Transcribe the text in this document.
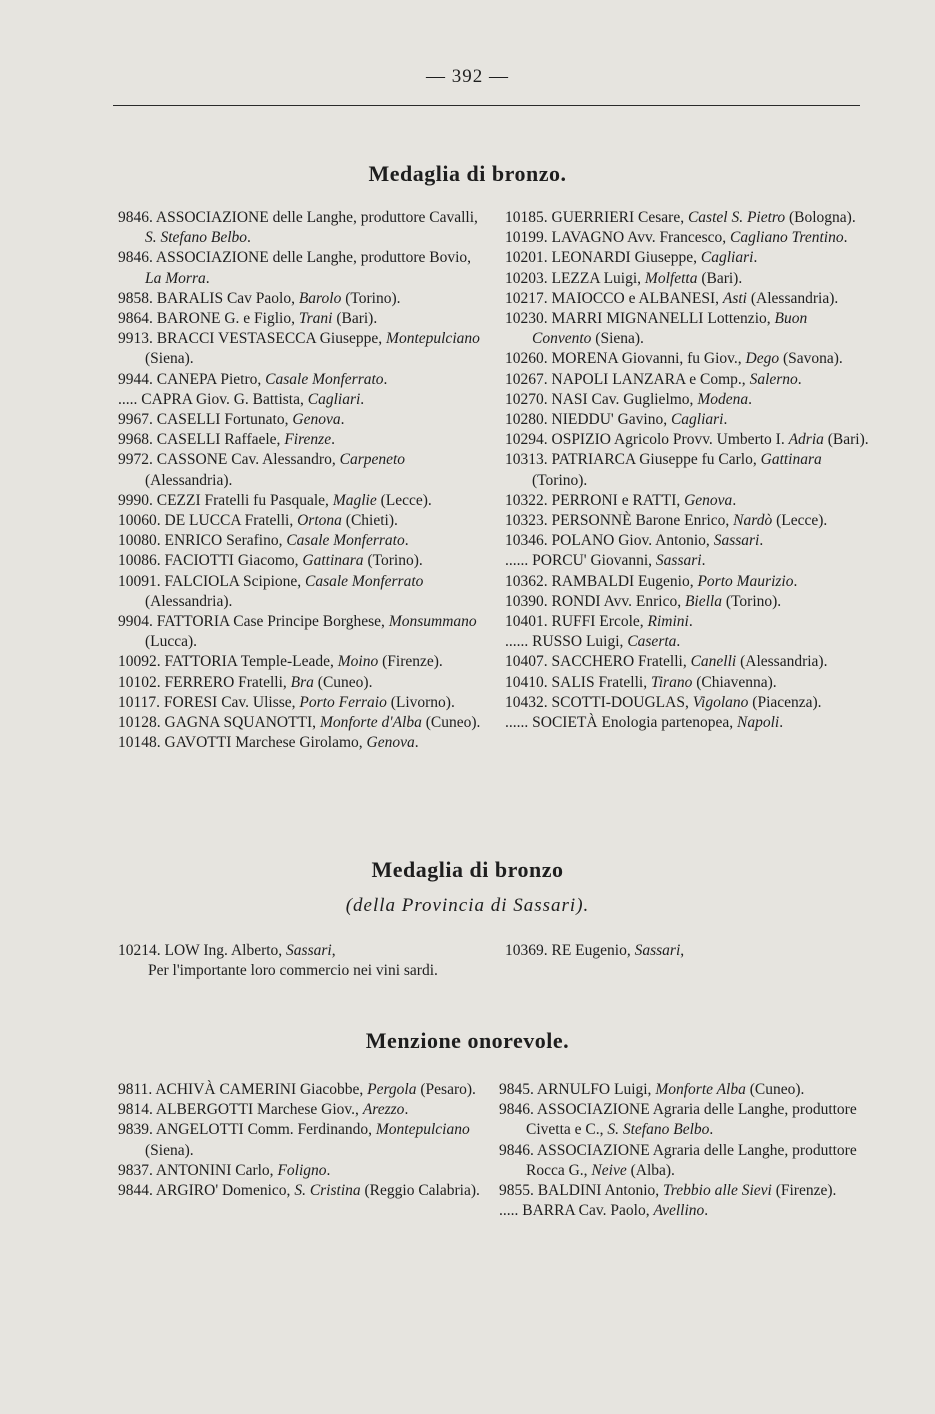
— 392 —
Medaglia di bronzo.
9846. ASSOCIAZIONE delle Langhe, produttore Cavalli, S. Stefano Belbo.
9846. ASSOCIAZIONE delle Langhe, produttore Bovio, La Morra.
9858. BARALIS Cav Paolo, Barolo (Torino).
9864. BARONE G. e Figlio, Trani (Bari).
9913. BRACCI VESTASECCA Giuseppe, Montepulciano (Siena).
9944. CANEPA Pietro, Casale Monferrato.
..... CAPRA Giov. G. Battista, Cagliari.
9967. CASELLI Fortunato, Genova.
9968. CASELLI Raffaele, Firenze.
9972. CASSONE Cav. Alessandro, Carpeneto (Alessandria).
9990. CEZZI Fratelli fu Pasquale, Maglie (Lecce).
10060. DE LUCCA Fratelli, Ortona (Chieti).
10080. ENRICO Serafino, Casale Monferrato.
10086. FACIOTTI Giacomo, Gattinara (Torino).
10091. FALCIOLA Scipione, Casale Monferrato (Alessandria).
9904. FATTORIA Case Principe Borghese, Monsummano (Lucca).
10092. FATTORIA Temple-Leade, Moino (Firenze).
10102. FERRERO Fratelli, Bra (Cuneo).
10117. FORESI Cav. Ulisse, Porto Ferraio (Livorno).
10128. GAGNA SQUANOTTI, Monforte d'Alba (Cuneo).
10148. GAVOTTI Marchese Girolamo, Genova.
10185. GUERRIERI Cesare, Castel S. Pietro (Bologna).
10199. LAVAGNO Avv. Francesco, Cagliano Trentino.
10201. LEONARDI Giuseppe, Cagliari.
10203. LEZZA Luigi, Molfetta (Bari).
10217. MAIOCCO e ALBANESI, Asti (Alessandria).
10230. MARRI MIGNANELLI Lottenzio, Buon Convento (Siena).
10260. MORENA Giovanni, fu Giov., Dego (Savona).
10267. NAPOLI LANZARA e Comp., Salerno.
10270. NASI Cav. Guglielmo, Modena.
10280. NIEDDU' Gavino, Cagliari.
10294. OSPIZIO Agricolo Provv. Umberto I. Adria (Bari).
10313. PATRIARCA Giuseppe fu Carlo, Gattinara (Torino).
10322. PERRONI e RATTI, Genova.
10323. PERSONNÈ Barone Enrico, Nardò (Lecce).
10346. POLANO Giov. Antonio, Sassari.
...... PORCU' Giovanni, Sassari.
10362. RAMBALDI Eugenio, Porto Maurizio.
10390. RONDI Avv. Enrico, Biella (Torino).
10401. RUFFI Ercole, Rimini.
...... RUSSO Luigi, Caserta.
10407. SACCHERO Fratelli, Canelli (Alessandria).
10410. SALIS Fratelli, Tirano (Chiavenna).
10432. SCOTTI-DOUGLAS, Vigolano (Piacenza).
...... SOCIETÀ Enologia partenopea, Napoli.
Medaglia di bronzo
(della Provincia di Sassari).
10214. LOW Ing. Alberto, Sassari,	10369. RE Eugenio, Sassari,
Per l'importante loro commercio nei vini sardi.
Menzione onorevole.
9811. ACHIVÀ CAMERINI Giacobbe, Pergola (Pesaro).
9814. ALBERGOTTI Marchese Giov., Arezzo.
9839. ANGELOTTI Comm. Ferdinando, Montepulciano (Siena).
9837. ANTONINI Carlo, Foligno.
9844. ARGIRO' Domenico, S. Cristina (Reggio Calabria).
9845. ARNULFO Luigi, Monforte Alba (Cuneo).
9846. ASSOCIAZIONE Agraria delle Langhe, produttore Civetta e C., S. Stefano Belbo.
9846. ASSOCIAZIONE Agraria delle Langhe, produttore Rocca G., Neive (Alba).
9855. BALDINI Antonio, Trebbio alle Sievi (Firenze).
..... BARRA Cav. Paolo, Avellino.
